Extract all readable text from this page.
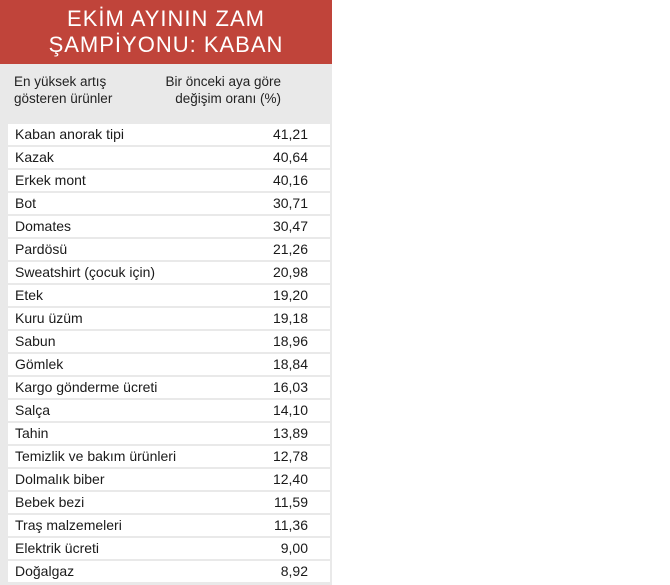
EKİM AYININ ZAM
ŞAMPİYONU: KABAN
En yüksek artış
gösteren ürünler
Bir önceki aya göre
değişim oranı (%)
Kaban anorak tipi	41,21
Kazak	40,64
Erkek mont	40,16
Bot	30,71
Domates	30,47
Pardösü	21,26
Sweatshirt (çocuk için)	20,98
Etek	19,20
Kuru üzüm	19,18
Sabun	18,96
Gömlek	18,84
Kargo gönderme ücreti	16,03
Salça	14,10
Tahin	13,89
Temizlik ve bakım ürünleri	12,78
Dolmalık biber	12,40
Bebek bezi	11,59
Traş malzemeleri	11,36
Elektrik ücreti	9,00
Doğalgaz	8,92
